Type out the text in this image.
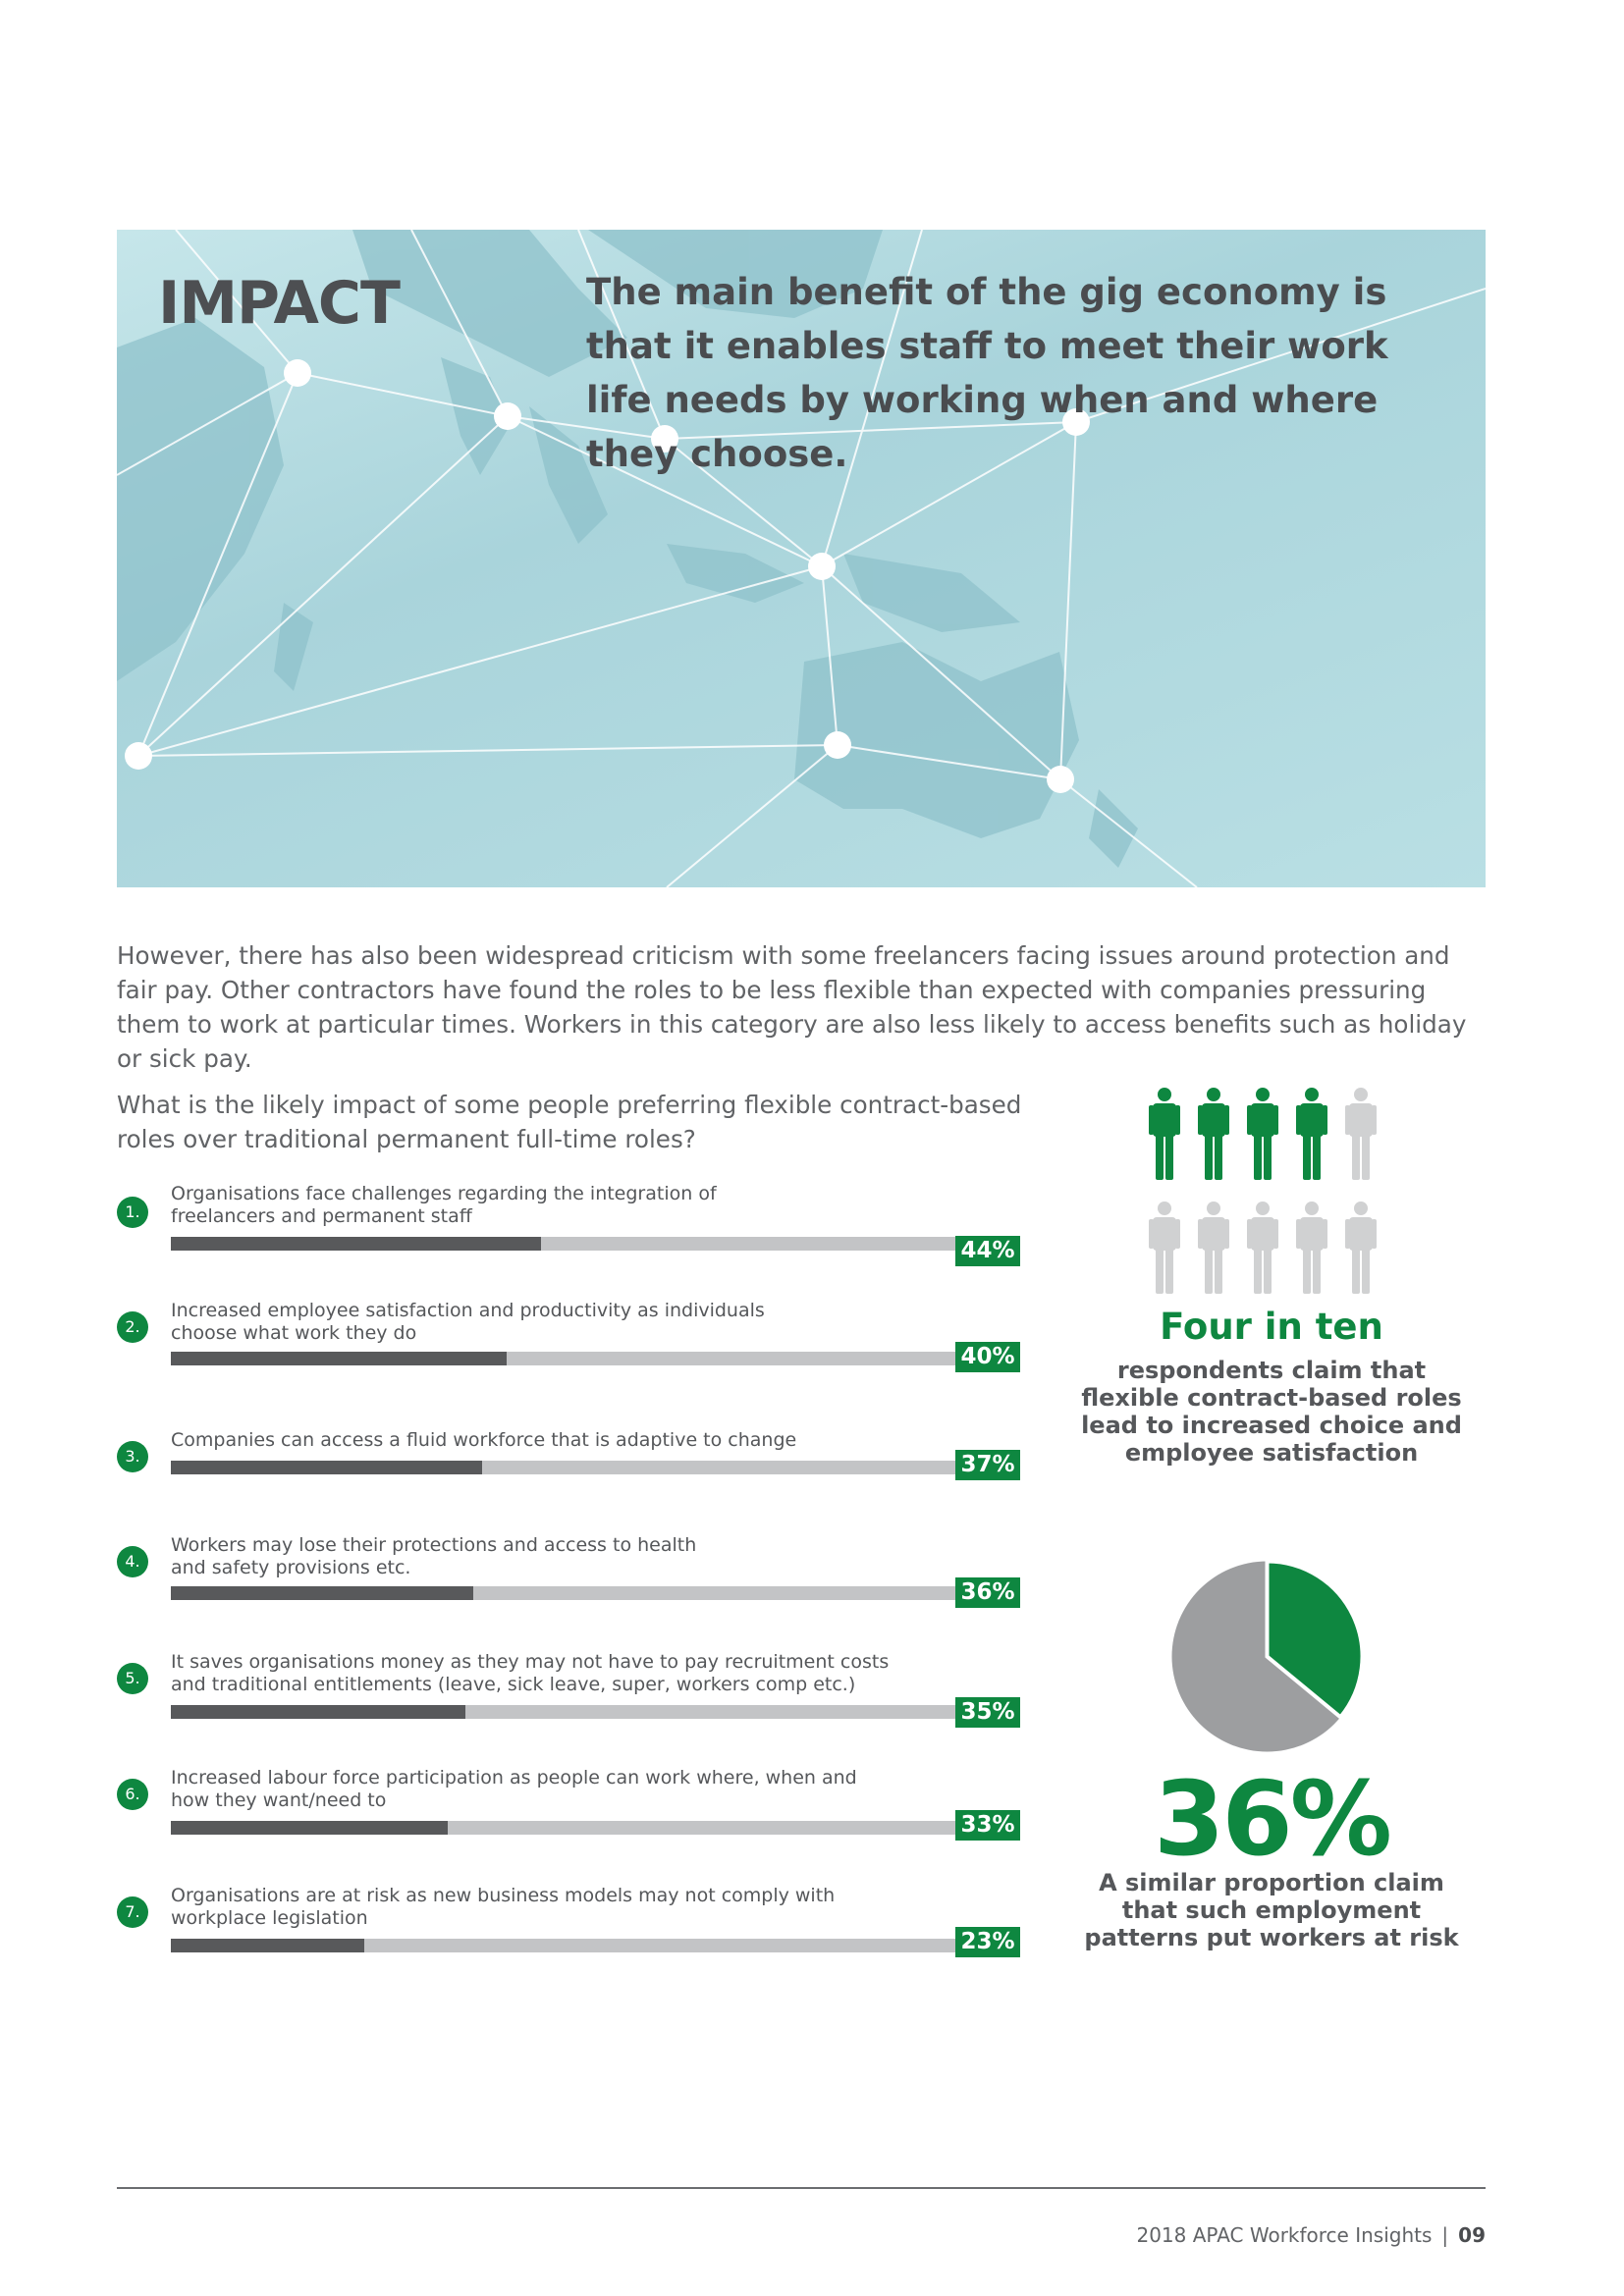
IMPACT	The main benefit of the gig economy is that it enables staff to meet their work life needs by working when and where they choose.

However, there has also been widespread criticism with some freelancers facing issues around protection and fair pay. Other contractors have found the roles to be less flexible than expected with companies pressuring them to work at particular times. Workers in this category are also less likely to access benefits such as holiday or sick pay.

What is the likely impact of some people preferring flexible contract-based roles over traditional permanent full-time roles?

1.
Organisations face challenges regarding the integration of
freelancers and permanent staff
44%
2.
Increased employee satisfaction and productivity as individuals
choose what work they do
40%
3.
Companies can access a fluid workforce that is adaptive to change
37%
4.
Workers may lose their protections and access to health
and safety provisions etc.
36%
5.
It saves organisations money as they may not have to pay recruitment costs
and traditional entitlements (leave, sick leave, super, workers comp etc.)
35%
6.
Increased labour force participation as people can work where, when and
how they want/need to
33%
7.
Organisations are at risk as new business models may not comply with
workplace legislation
23%
Four in ten
respondents claim that flexible contract-based roles lead to increased choice and employee satisfaction
36%
A similar proportion claim that such employment patterns put workers at risk
2018 APAC Workforce Insights | 09
